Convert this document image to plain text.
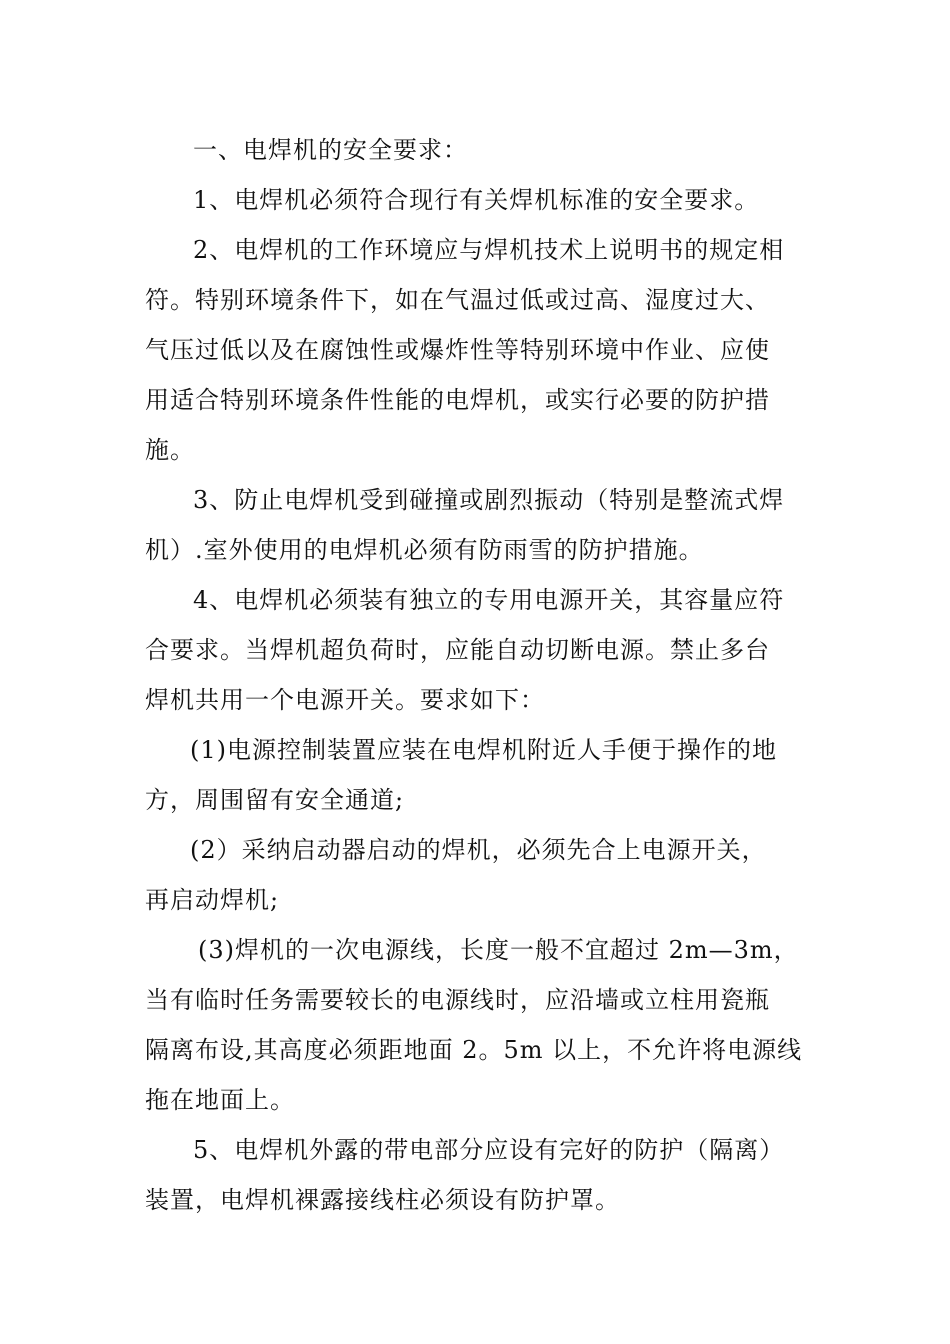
一、电焊机的安全要求：
1、电焊机必须符合现行有关焊机标准的安全要求。
2、电焊机的工作环境应与焊机技术上说明书的规定相
符。特别环境条件下，如在气温过低或过高、湿度过大、
气压过低以及在腐蚀性或爆炸性等特别环境中作业、应使
用适合特别环境条件性能的电焊机，或实行必要的防护措
施。
3、防止电焊机受到碰撞或剧烈振动（特别是整流式焊
机）.室外使用的电焊机必须有防雨雪的防护措施。
4、电焊机必须装有独立的专用电源开关，其容量应符
合要求。当焊机超负荷时，应能自动切断电源。禁止多台
焊机共用一个电源开关。要求如下：
(1)电源控制装置应装在电焊机附近人手便于操作的地
方，周围留有安全通道;
(2）采纳启动器启动的焊机，必须先合上电源开关，
再启动焊机;
(3)焊机的一次电源线，长度一般不宜超过 2m—3m，
当有临时任务需要较长的电源线时，应沿墙或立柱用瓷瓶
隔离布设,其高度必须距地面 2。5m 以上，不允许将电源线
拖在地面上。
5、电焊机外露的带电部分应设有完好的防护（隔离）
装置，电焊机裸露接线柱必须设有防护罩。
